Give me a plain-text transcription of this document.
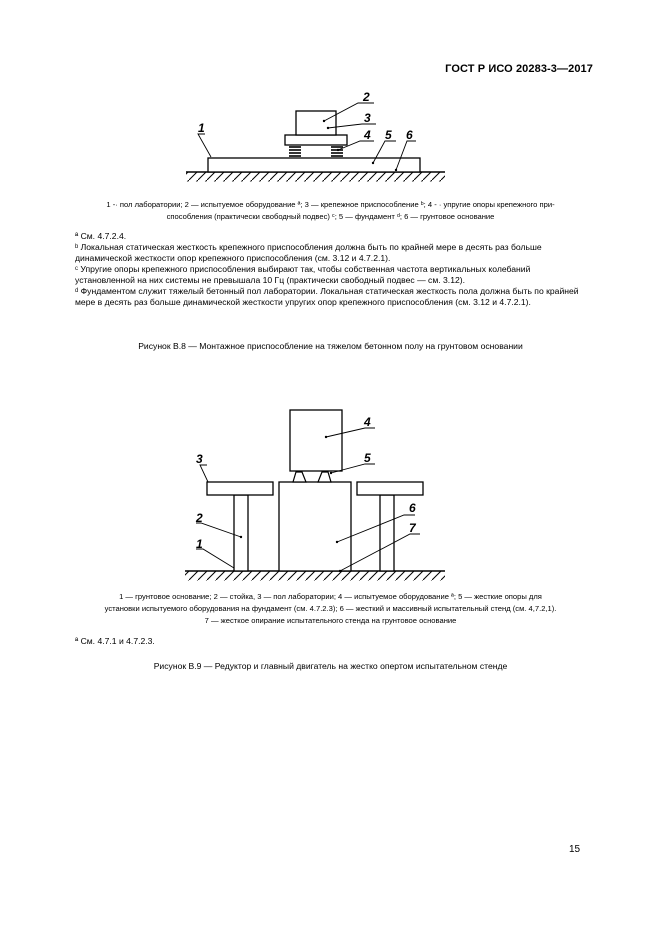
ГОСТ Р ИСО 20283-3—2017
1
2
3
4 5 6
1 -· пол лаборатории; 2 — испытуемое оборудование ª; 3 — крепежное приспособление ᵇ; 4 - · упругие опоры крепежного при-
способления (практически свободный подвес) ᶜ; 5 — фундамент ᵈ; 6 — грунтовое основание

ª См. 4.7.2.4.

ᵇ Локальная статическая жесткость крепежного приспособления должна быть по крайней мере в десять раз больше динамической жесткости опор крепежного приспособления (см. 3.12 и 4.7.2.1).

ᶜ Упругие опоры крепежного приспособления выбирают так, чтобы собственная частота вертикальных колебаний установленной на них системы не превышала 10 Гц (практически свободный подвес — см. 3.12).

ᵈ Фундаментом служит тяжелый бетонный пол лаборатории. Локальная статическая жесткость пола должна быть по крайней мере в десять раз больше динамической жесткости упругих опор крепежного приспособления (см. 3.12 и 4.7.2.1).

Рисунок В.8 — Монтажное приспособление на тяжелом бетонном полу на грунтовом основании
4
5
3
2
1
6
7
1 — грунтовое основание; 2 — стойка, 3 — пол лаборатории; 4 — испытуемое оборудование ª; 5 — жесткие опоры для
установки испытуемого оборудования на фундамент (см. 4.7.2.3); 6 — жесткий и массивный испытательный стенд (см. 4,7.2,1).
7 — жесткое опирание испытательного стенда на грунтовое основание

ª См. 4.7.1 и 4.7.2.3.

Рисунок В.9 — Редуктор и главный двигатель на жестко опертом испытательном стенде
15
